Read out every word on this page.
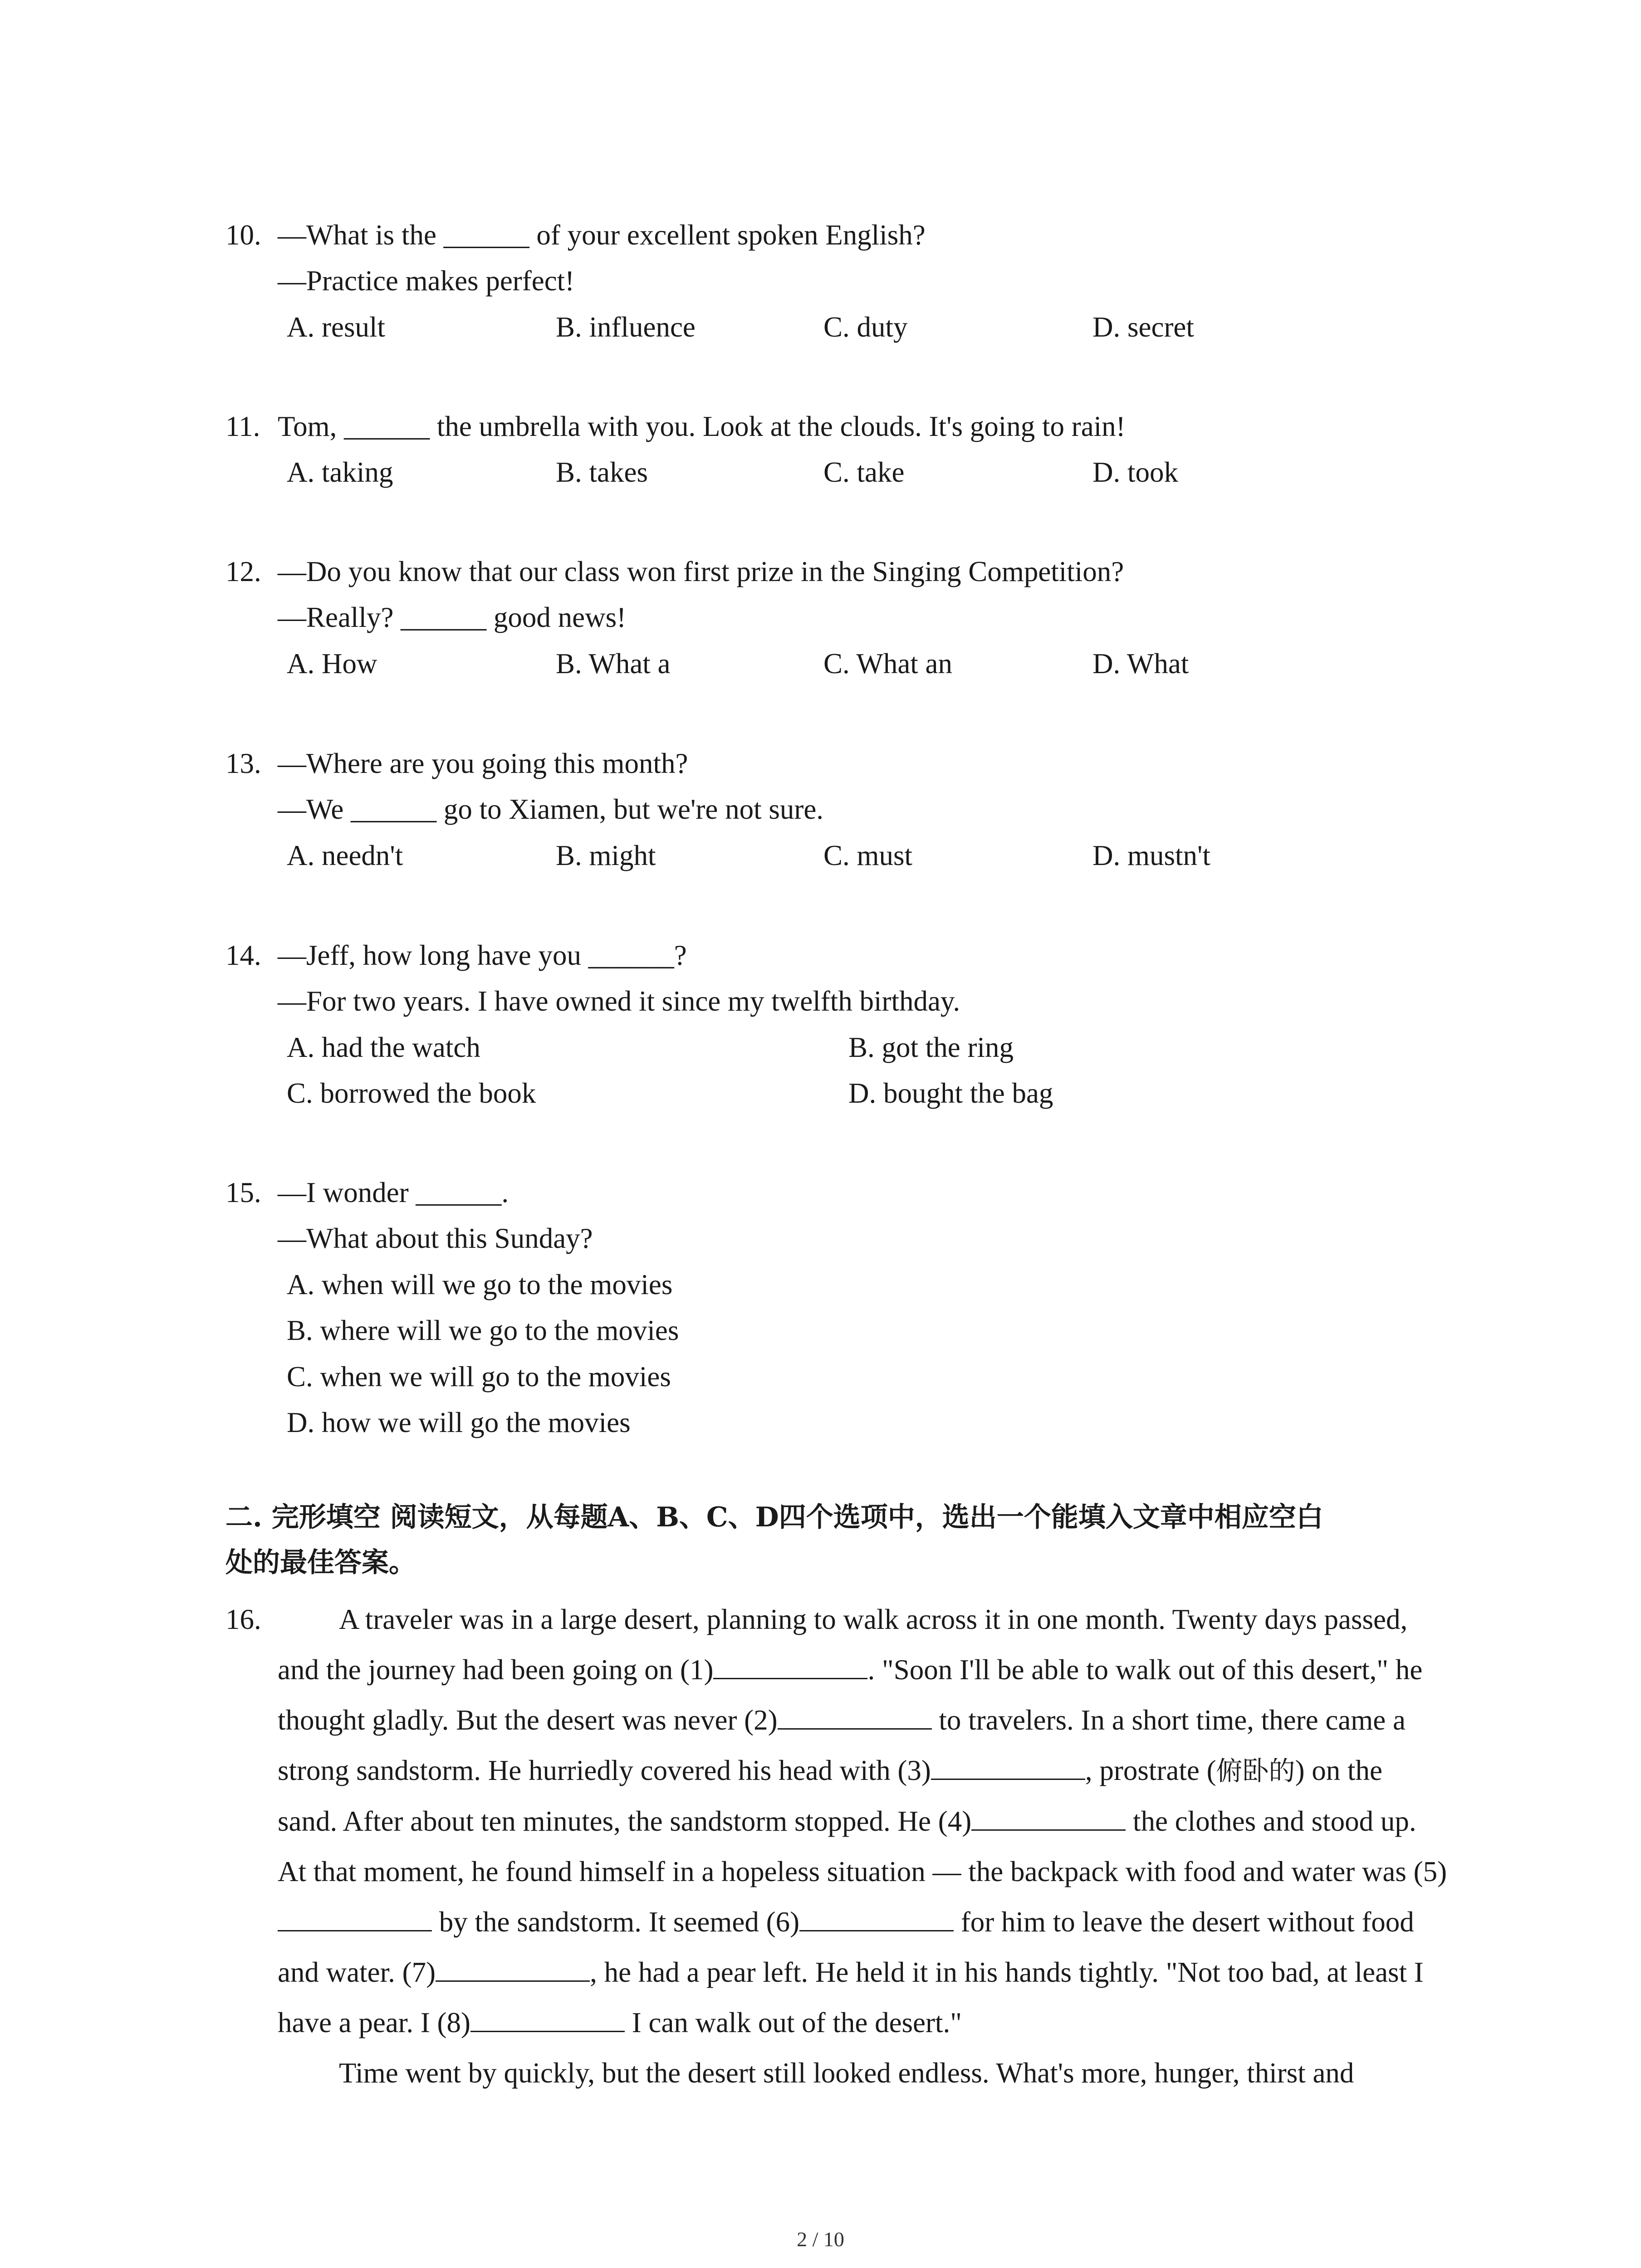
10. —What is the ______ of your excellent spoken English?
—Practice makes perfect!
A. result	B. influence	C. duty	D. secret
11. Tom, ______ the umbrella with you. Look at the clouds. It's going to rain!
A. taking	B. takes	C. take	D. took
12. —Do you know that our class won first prize in the Singing Competition?
—Really? ______ good news!
A. How	B. What a	C. What an	D. What
13. —Where are you going this month?
—We ______ go to Xiamen, but we're not sure.
A. needn't	B. might	C. must	D. mustn't
14. —Jeff, how long have you ______?
—For two years. I have owned it since my twelfth birthday.
A. had the watch	B. got the ring
C. borrowed the book	D. bought the bag
15. —I wonder ______.
—What about this Sunday?
A. when will we go to the movies
B. where will we go to the movies
C. when we will go to the movies
D. how we will go the movies
二. 完形填空 阅读短文，从每题A、B、C、D四个选项中，选出一个能填入文章中相应空白
处的最佳答案。
16.	A traveler was in a large desert, planning to walk across it in one month. Twenty days passed, and the journey had been going on (1)	. "Soon I'll be able to walk out of this desert," he thought gladly. But the desert was never (2)	to travelers. In a short time, there came a strong sandstorm. He hurriedly covered his head with (3)	, prostrate (俯卧的) on the sand. After about ten minutes, the sandstorm stopped. He (4)	the clothes and stood up. At that moment, he found himself in a hopeless situation — the backpack with food and water was (5) by the sandstorm. It seemed (6)	for him to leave the desert without food and water. (7)	, he had a pear left. He held it in his hands tightly. "Not too bad, at least I have a pear. I (8)	I can walk out of the desert."

Time went by quickly, but the desert still looked endless. What's more, hunger, thirst and

2 / 10
